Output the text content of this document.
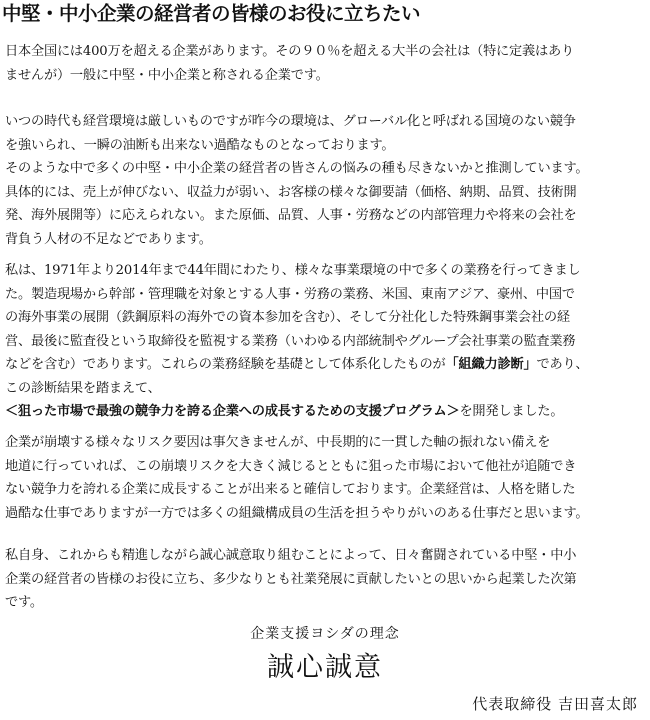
中堅・中小企業の経営者の皆様のお役に立ちたい
日本全国には400万を超える企業があります。その９０％を超える大半の会社は（特に定義はあり
ませんが）一般に中堅・中小企業と称される企業です。
いつの時代も経営環境は厳しいものですが昨今の環境は、グローバル化と呼ばれる国境のない競争
を強いられ、一瞬の油断も出来ない過酷なものとなっております。
そのような中で多くの中堅・中小企業の経営者の皆さんの悩みの種も尽きないかと推測しています。
具体的には、売上が伸びない、収益力が弱い、お客様の様々な御要請（価格、納期、品質、技術開
発、海外展開等）に応えられない。また原価、品質、人事・労務などの内部管理力や将来の会社を
背負う人材の不足などであります。
私は、1971年より2014年まで44年間にわたり、様々な事業環境の中で多くの業務を行ってきまし
た。製造現場から幹部・管理職を対象とする人事・労務の業務、米国、東南アジア、豪州、中国で
の海外事業の展開（鉄鋼原料の海外での資本参加を含む）、そして分社化した特殊鋼事業会社の経
営、最後に監査役という取締役を監視する業務（いわゆる内部統制やグループ会社事業の監査業務
などを含む）であります。これらの業務経験を基礎として体系化したものが「組織力診断」であり、
この診断結果を踏まえて、
＜狙った市場で最強の競争力を誇る企業への成長するための支援プログラム＞を開発しました。
企業が崩壊する様々なリスク要因は事欠きませんが、中長期的に一貫した軸の振れない備えを
地道に行っていれば、この崩壊リスクを大きく減じるとともに狙った市場において他社が追随でき
ない競争力を誇れる企業に成長することが出来ると確信しております。企業経営は、人格を賭した
過酷な仕事でありますが一方では多くの組織構成員の生活を担うやりがいのある仕事だと思います。
私自身、これからも精進しながら誠心誠意取り組むことによって、日々奮闘されている中堅・中小
企業の経営者の皆様のお役に立ち、多少なりとも社業発展に貢献したいとの思いから起業した次第
です。
企業支援ヨシダの理念
誠心誠意
代表取締役 吉田喜太郎
